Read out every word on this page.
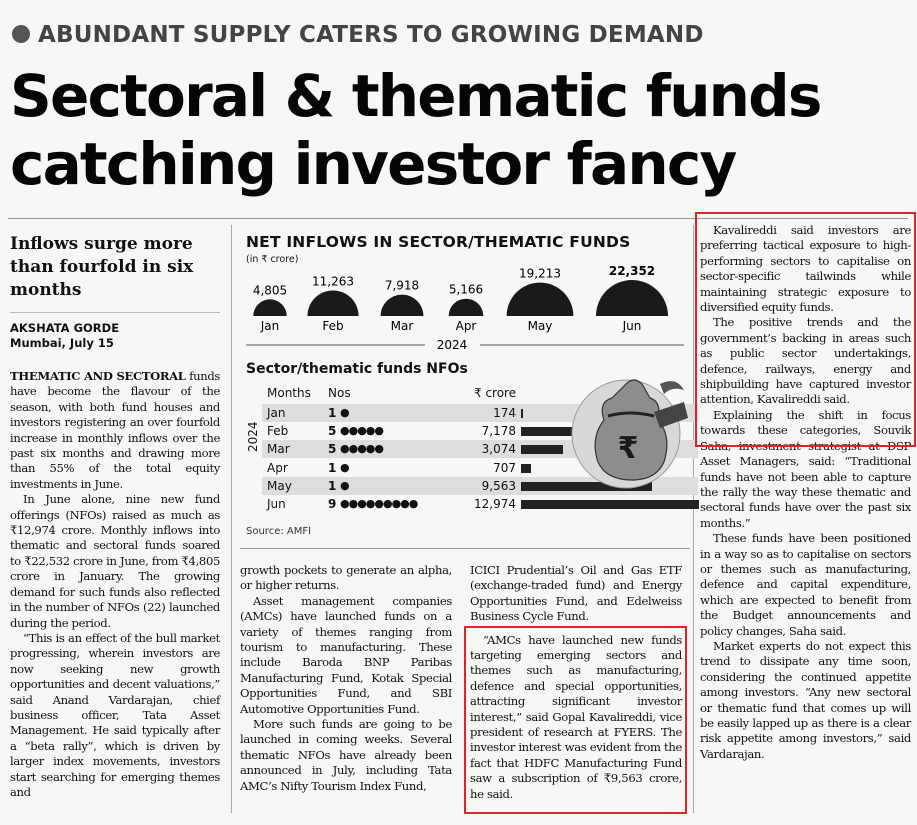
ABUNDANT SUPPLY CATERS TO GROWING DEMAND
Sectoral & thematic funds
catching investor fancy
Inflows surge more than fourfold in six months
AKSHATA GORDE
Mumbai, July 15

THEMATIC AND SECTORAL funds have become the flavour of the season, with both fund houses and investors registering an over fourfold increase in monthly inflows over the past six months and drawing more than 55% of the total equity investments in June.

In June alone, nine new fund offerings (NFOs) raised as much as ₹12,974 crore. Monthly inflows into thematic and sectoral funds soared to ₹22,532 crore in June, from ₹4,805 crore in January. The growing demand for such funds also reflected in the number of NFOs (22) launched during the period.

“This is an effect of the bull market progressing, wherein investors are now seeking new growth opportunities and decent valuations,” said Anand Vardarajan, chief business officer, Tata Asset Management. He said typically after a “beta rally”, which is driven by larger index movements, investors start searching for emerging themes and

NET INFLOWS IN SECTOR/THEMATIC FUNDS
(in ₹ crore)
4,805
Jan
11,263
Feb
7,918
Mar
5,166
Apr
19,213
May
22,352
Jun
2024
Sector/thematic funds NFOs
Months Nos	₹ crore
2024
Jan	1 ●	174
Feb	5 ●●●●●	7,178
Mar	5 ●●●●●	3,074
Apr	1 ●	707
May	1 ●	9,563
Jun	9 ●●●●●●●●●	12,974
₹
Source: AMFI

growth pockets to generate an alpha, or higher returns.

Asset management companies (AMCs) have launched funds on a variety of themes ranging from tourism to manufacturing. These include Baroda BNP Paribas Manufacturing Fund, Kotak Special Opportunities Fund, and SBI Automotive Opportunities Fund.

More such funds are going to be launched in coming weeks. Several thematic NFOs have already been announced in July, including Tata AMC’s Nifty Tourism Index Fund,

ICICI Prudential’s Oil and Gas ETF (exchange-traded fund) and Energy Opportunities Fund, and Edelweiss Business Cycle Fund.

“AMCs have launched new funds targeting emerging sectors and themes such as manufacturing, defence and special opportunities, attracting significant investor interest,” said Gopal Kavalireddi, vice president of research at FYERS. The investor interest was evident from the fact that HDFC Manufacturing Fund saw a subscription of ₹9,563 crore, he said.

Kavalireddi said investors are preferring tactical exposure to high-performing sectors to capitalise on sector-specific tailwinds while maintaining strategic exposure to diversified equity funds.

The positive trends and the government’s backing in areas such as public sector undertakings, defence, railways, energy and shipbuilding have captured investor attention, Kavalireddi said.

Explaining the shift in focus towards these categories, Souvik Saha, investment strategist at DSP Asset Managers, said: “Traditional funds have not been able to capture the rally the way these thematic and sectoral funds have over the past six months.”

These funds have been positioned in a way so as to capitalise on sectors or themes such as manufacturing, defence and capital expenditure, which are expected to benefit from the Budget announcements and policy changes, Saha said.

Market experts do not expect this trend to dissipate any time soon, considering the continued appetite among investors. “Any new sectoral or thematic fund that comes up will be easily lapped up as there is a clear risk appetite among investors,” said Vardarajan.
